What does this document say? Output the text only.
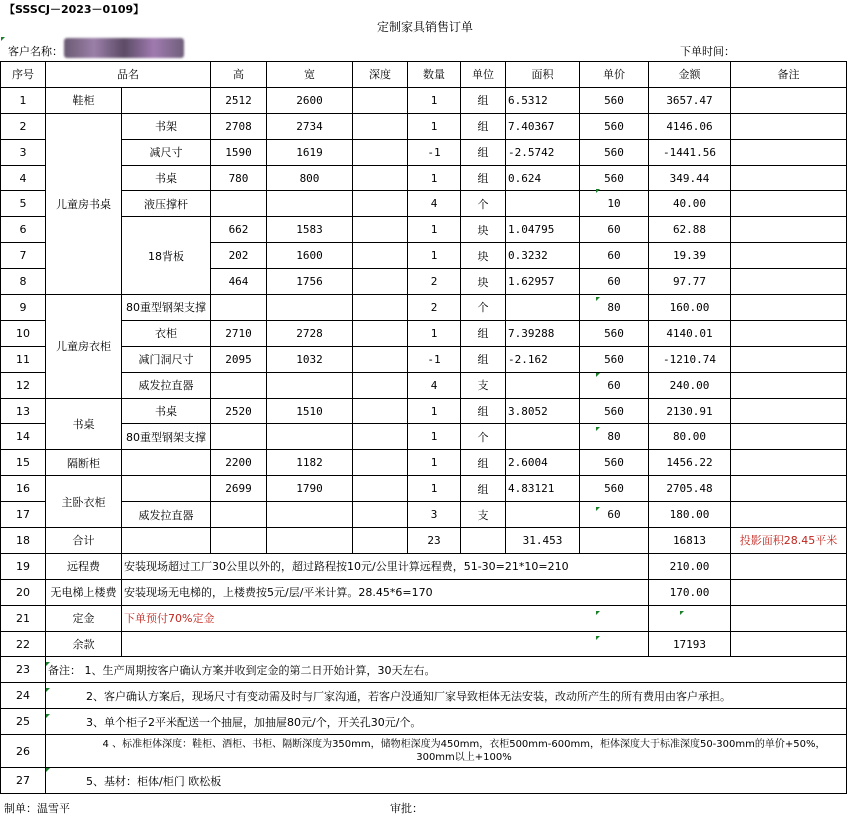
【SSSCJ－2023－0109】
定制家具销售订单
客户名称：	下单时间：
序号	品名		高	宽	深度	数量	单位	面积	单价	金额	备注
1	鞋柜		2512	2600		1	组	6.5312	560	3657.47	
2	儿童房书桌	书架	2708	2734		1	组	7.40367	560	4146.06	
3		减尺寸	1590	1619		-1	组	-2.5742	560	-1441.56	
4		书桌	780	800		1	组	0.624	560	349.44	
5		液压撑杆				4	个		10	40.00	
6		18背板	662	1583		1	块	1.04795	60	62.88	
7			202	1600		1	块	0.3232	60	19.39	
8			464	1756		2	块	1.62957	60	97.77	
9	儿童房衣柜	80重型钢架支撑				2	个		80	160.00	
10		衣柜	2710	2728		1	组	7.39288	560	4140.01	
11		减门洞尺寸	2095	1032		-1	组	-2.162	560	-1210.74	
12		威发拉直器				4	支		60	240.00	
13	书桌	书桌	2520	1510		1	组	3.8052	560	2130.91	
14		80重型钢架支撑				1	个		80	80.00	
15	隔断柜		2200	1182		1	组	2.6004	560	1456.22	
16	主卧衣柜		2699	1790		1	组	4.83121	560	2705.48	
17		威发拉直器				3	支		60	180.00	
18	合计					23		31.453		16813	投影面积28.45平米
19	远程费	安装现场超过工厂30公里以外的，超过路程按10元/公里计算远程费，51-30=21*10=210								210.00	
20	无电梯上楼费	安装现场无电梯的，上楼费按5元/层/平米计算。28.45*6=170								170.00	
21	定金	下单预付70%定金									
22	余款									17193	
23	备注： 1、生产周期按客户确认方案并收到定金的第二日开始计算，30天左右。										
24	2、客户确认方案后，现场尺寸有变动需及时与厂家沟通，若客户没通知厂家导致柜体无法安装，改动所产生的所有费用由客户承担。										
25	3、单个柜子2平米配送一个抽屉，加抽屉80元/个，开关孔30元/个。										
26	4 、标准柜体深度：鞋柜、酒柜、书柜、隔断深度为350mm，储物柜深度为450mm，衣柜500mm-600mm，柜体深度大于标准深度50-300mm的单价+50%，300mm以上+100%										
27	5、基材：柜体/柜门 欧松板										
制单：温雪平	审批：
